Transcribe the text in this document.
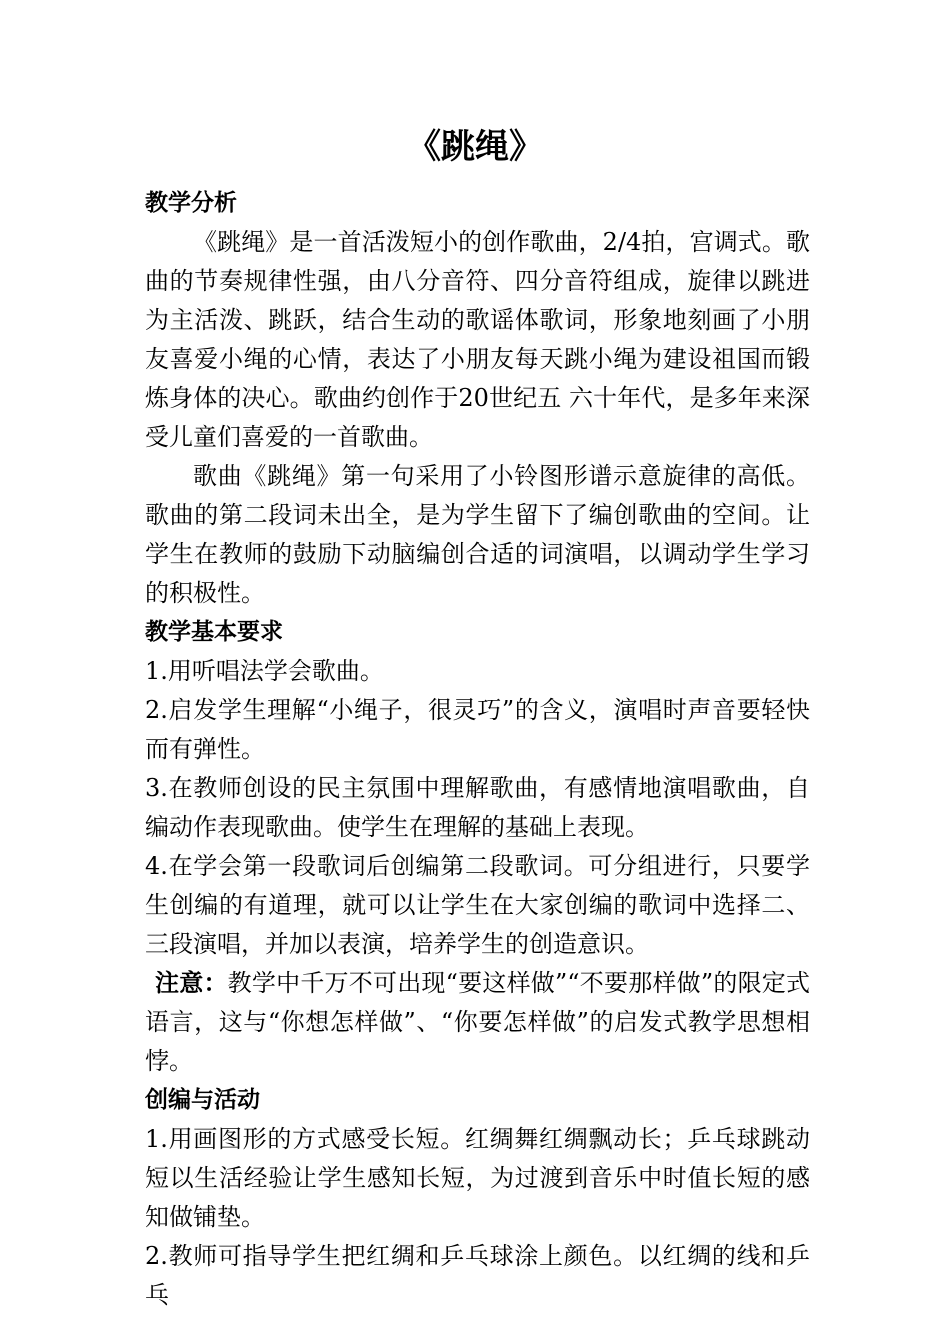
《跳绳》

教学分析

《跳绳》是一首活泼短小的创作歌曲，2/4拍，宫调式。歌曲的节奏规律性强，由八分音符、四分音符组成，旋律以跳进为主活泼、跳跃，结合生动的歌谣体歌词，形象地刻画了小朋友喜爱小绳的心情，表达了小朋友每天跳小绳为建设祖国而锻炼身体的决心。歌曲约创作于20世纪五 六十年代，是多年来深受儿童们喜爱的一首歌曲。

歌曲《跳绳》第一句采用了小铃图形谱示意旋律的高低。歌曲的第二段词未出全，是为学生留下了编创歌曲的空间。让学生在教师的鼓励下动脑编创合适的词演唱，以调动学生学习的积极性。

教学基本要求

1.用听唱法学会歌曲。

2.启发学生理解“小绳子，很灵巧”的含义，演唱时声音要轻快而有弹性。

3.在教师创设的民主氛围中理解歌曲，有感情地演唱歌曲，自编动作表现歌曲。使学生在理解的基础上表现。

4.在学会第一段歌词后创编第二段歌词。可分组进行，只要学生创编的有道理，就可以让学生在大家创编的歌词中选择二、三段演唱，并加以表演，培养学生的创造意识。

注意：教学中千万不可出现“要这样做”“不要那样做”的限定式语言，这与“你想怎样做”、“你要怎样做”的启发式教学思想相悖。

创编与活动

1.用画图形的方式感受长短。红绸舞红绸飘动长；乒乓球跳动短以生活经验让学生感知长短，为过渡到音乐中时值长短的感知做铺垫。

2.教师可指导学生把红绸和乒乓球涂上颜色。以红绸的线和乒乓
